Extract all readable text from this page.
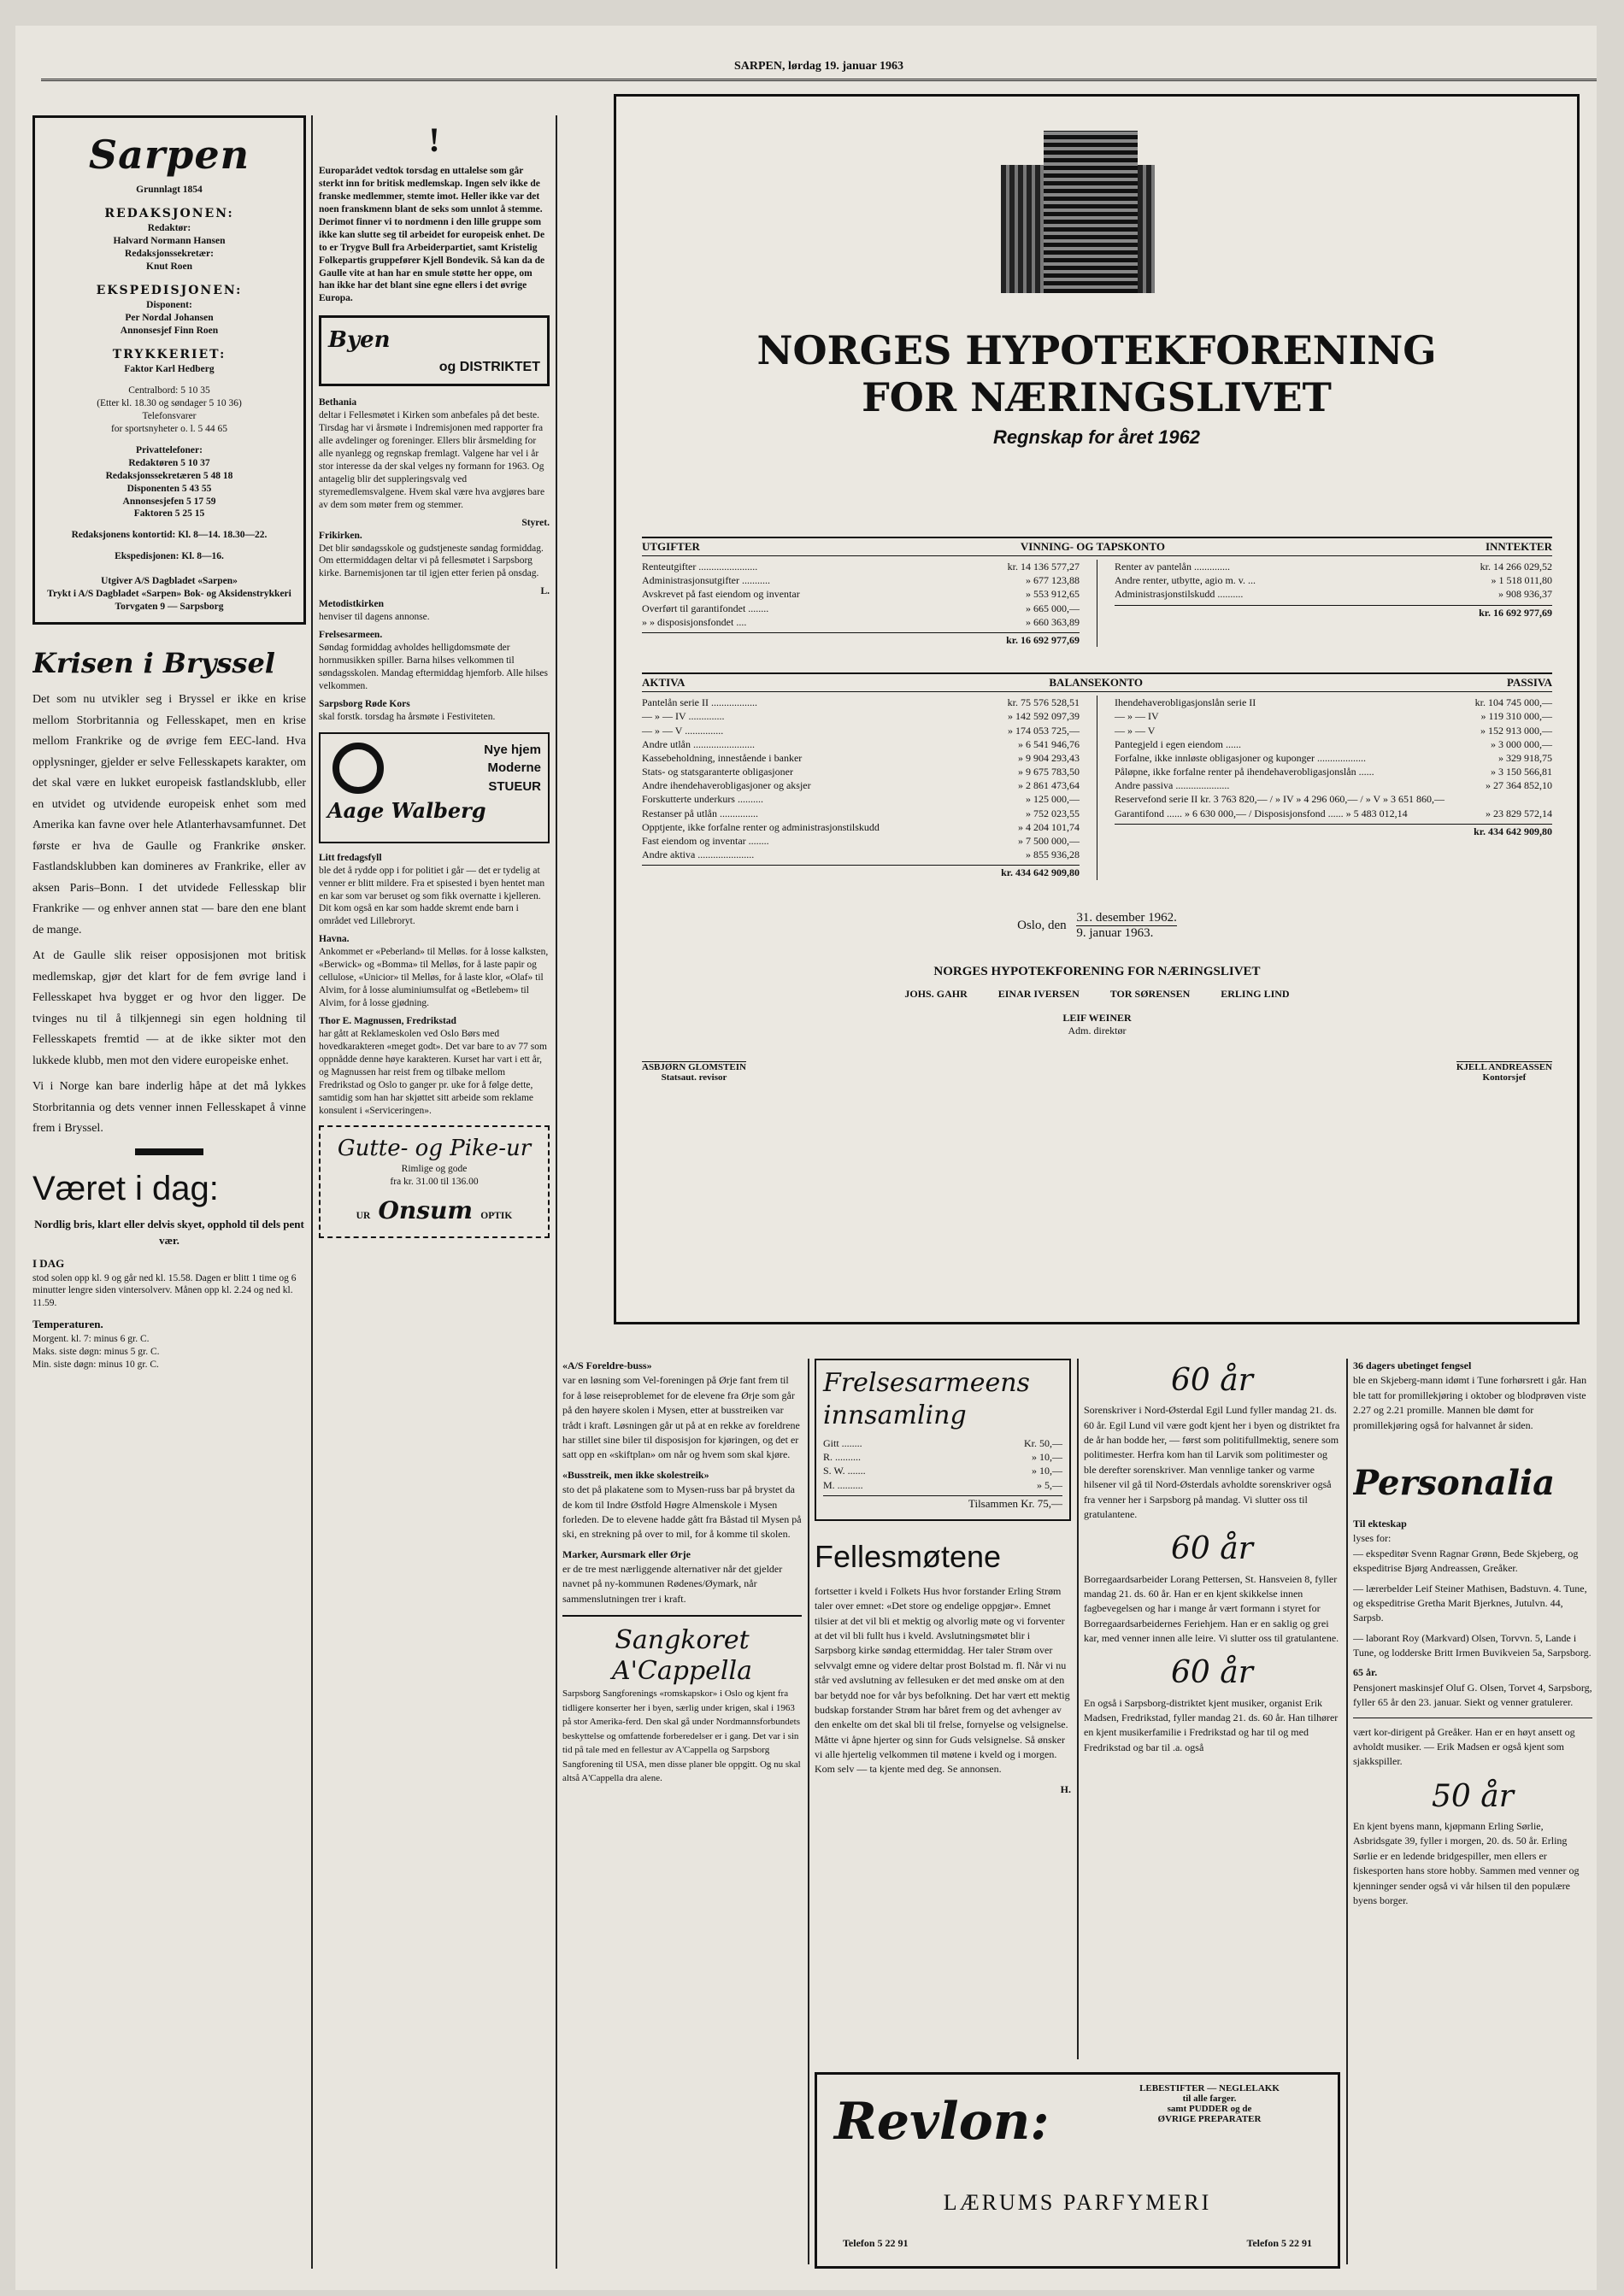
SARPEN, lørdag 19. januar 1963
Sarpen
Grunnlagt 1854
REDAKSJONEN:
Redaktør:
Halvard Normann Hansen
Redaksjonssekretær:
Knut Roen
EKSPEDISJONEN:
Disponent:
Per Nordal Johansen
Annonsesjef Finn Roen
TRYKKERIET:
Faktor Karl Hedberg
Centralbord: 5 10 35
(Etter kl. 18.30 og søndager 5 10 36)
Telefonsvarer
for sportsnyheter o. l. 5 44 65
Privattelefoner:
Redaktøren 5 10 37
Redaksjonssekretæren 5 48 18
Disponenten 5 43 55
Annonsesjefen 5 17 59
Faktoren 5 25 15
Redaksjonens kontortid: Kl. 8—14. 18.30—22.
Ekspedisjonen: Kl. 8—16.
Utgiver A/S Dagbladet «Sarpen»
Trykt i A/S Dagbladet «Sarpen» Bok- og Aksidenstrykkeri
Torvgaten 9 — Sarpsborg
Krisen i Bryssel

Det som nu utvikler seg i Bryssel er ikke en krise mellom Storbritannia og Fellesskapet, men en krise mellom Frankrike og de øvrige fem EEC-land. Hva opplysninger, gjelder er selve Fellesskapets karakter, om det skal være en lukket europeisk fastlandsklubb, eller en utvidet og utvidende europeisk enhet som med Amerika kan favne over hele Atlanterhavsamfunnet. Det første er hva de Gaulle og Frankrike ønsker. Fastlandsklubben kan domineres av Frankrike, eller av aksen Paris–Bonn. I det utvidede Fellesskap blir Frankrike — og enhver annen stat — bare den ene blant de mange.

At de Gaulle slik reiser opposisjonen mot britisk medlemskap, gjør det klart for de fem øvrige land i Fellesskapet hva bygget er og hvor den ligger. De tvinges nu til å tilkjennegi sin egen holdning til Fellesskapets fremtid — at de ikke sikter mot den lukkede klubb, men mot den videre europeiske enhet.

Vi i Norge kan bare inderlig håpe at det må lykkes Storbritannia og dets venner innen Fellesskapet å vinne frem i Bryssel.

Været i dag:
Nordlig bris, klart eller delvis skyet, opphold til dels pent vær.
I DAG
stod solen opp kl. 9 og går ned kl. 15.58. Dagen er blitt 1 time og 6 minutter lengre siden vintersolverv. Månen opp kl. 2.24 og ned kl. 11.59.
Temperaturen.
Morgent. kl. 7: minus 6 gr. C.
Maks. siste døgn: minus 5 gr. C.
Min. siste døgn: minus 10 gr. C.
!

Europarådet vedtok torsdag en uttalelse som går sterkt inn for britisk medlemskap. Ingen selv ikke de franske medlemmer, stemte imot. Heller ikke var det noen franskmenn blant de seks som unnlot å stemme. Derimot finner vi to nordmenn i den lille gruppe som ikke kan slutte seg til arbeidet for europeisk enhet. De to er Trygve Bull fra Arbeiderpartiet, samt Kristelig Folkepartis gruppefører Kjell Bondevik. Så kan da de Gaulle vite at han har en smule støtte her oppe, om han ikke har det blant sine egne ellers i det øvrige Europa.

Byen
og DISTRIKTET
Bethania

deltar i Fellesmøtet i Kirken som anbefales på det beste. Tirsdag har vi årsmøte i Indremisjonen med rapporter fra alle avdelinger og foreninger. Ellers blir årsmelding for alle nyanlegg og regnskap fremlagt. Valgene har vel i år stor interesse da der skal velges ny formann for 1963. Og antagelig blir det suppleringsvalg ved styremedlemsvalgene. Hvem skal være hva avgjøres bare av dem som møter frem og stemmer.

Styret.
Frikirken.

Det blir søndagsskole og gudstjeneste søndag formiddag. Om ettermiddagen deltar vi på fellesmøtet i Sarpsborg kirke. Barnemisjonen tar til igjen etter ferien på onsdag.

L.
Metodistkirken

henviser til dagens annonse.

Frelsesarmeen.

Søndag formiddag avholdes helligdomsmøte der hornmusikken spiller. Barna hilses velkommen til søndagsskolen. Mandag eftermiddag hjemforb. Alle hilses velkommen.

Sarpsborg Røde Kors

skal forstk. torsdag ha årsmøte i Festiviteten.

Nye hjem
Moderne
STUEUR
Aage Walberg
Litt fredagsfyll

ble det å rydde opp i for politiet i går — det er tydelig at venner er blitt mildere. Fra et spisested i byen hentet man en kar som var beruset og som fikk overnatte i kjelleren. Dit kom også en kar som hadde skremt ende barn i området ved Lillebroryt.

Havna.

Ankommet er «Peberland» til Melløs. for å losse kalksten, «Berwick» og «Bomma» til Melløs, for å laste papir og cellulose, «Unicior» til Melløs, for å laste klor, «Olaf» til Alvim, for å losse aluminiumsulfat og «Betlebem» til Alvim, for å losse gjødning.

Thor E. Magnussen, Fredrikstad

har gått at Reklameskolen ved Oslo Børs med hovedkarakteren «meget godt». Det var bare to av 77 som oppnådde denne høye karakteren. Kurset har vart i ett år, og Magnussen har reist frem og tilbake mellom Fredrikstad og Oslo to ganger pr. uke for å følge dette, samtidig som han har skjøttet sitt arbeide som reklame konsulent i «Serviceringen».

Gutte- og Pike-ur
Rimlige og gode
fra kr. 31.00 til 136.00
UR Onsum OPTIK
NORGES HYPOTEKFORENING
FOR NÆRINGSLIVET
Regnskap for året 1962
UTGIFTER	VINNING- OG TAPSKONTO	INNTEKTER
Renteutgifter .......................	kr. 14 136 577,27
Administrasjonsutgifter ...........	» 677 123,88
Avskrevet på fast eiendom og inventar	» 553 912,65
Overført til garantifondet ........	» 665 000,—
» » disposisjonsfondet ....	» 660 363,89
kr. 16 692 977,69
Renter av pantelån ..............	kr. 14 266 029,52
Andre renter, utbytte, agio m. v. ...	» 1 518 011,80
Administrasjonstilskudd ..........	» 908 936,37
kr. 16 692 977,69
AKTIVA	BALANSEKONTO	PASSIVA
Pantelån serie II ..................	kr. 75 576 528,51
— » — IV ..............	» 142 592 097,39
— » — V ...............	» 174 053 725,—
Andre utlån ........................	» 6 541 946,76
Kassebeholdning, innestående i banker	» 9 904 293,43
Stats- og statsgaranterte obligasjoner	» 9 675 783,50
Andre ihendehaverobligasjoner og aksjer	» 2 861 473,64
Forskutterte underkurs ..........	» 125 000,—
Restanser på utlån ...............	» 752 023,55
Opptjente, ikke forfalne renter og administrasjonstilskudd	» 4 204 101,74
Fast eiendom og inventar ........	» 7 500 000,—
Andre aktiva ......................	» 855 936,28
kr. 434 642 909,80
Ihendehaverobligasjonslån serie II	kr. 104 745 000,—
— » — IV	» 119 310 000,—
— » — V	» 152 913 000,—
Pantegjeld i egen eiendom ......	» 3 000 000,—
Forfalne, ikke innløste obligasjoner og kuponger ...................	» 329 918,75
Påløpne, ikke forfalne renter på ihendehaverobligasjonslån ......	» 3 150 566,81
Andre passiva .....................	» 27 364 852,10
Reservefond serie II kr. 3 763 820,— / » IV » 4 296 060,— / » V » 3 651 860,—
Garantifond ...... » 6 630 000,— / Disposisjonsfond ...... » 5 483 012,14	» 23 829 572,14
kr. 434 642 909,80
Oslo, den
31. desember 1962.
9. januar 1963.
NORGES HYPOTEKFORENING FOR NÆRINGSLIVET
JOHS. GAHR	EINAR IVERSEN	TOR SØRENSEN	ERLING LIND
LEIF WEINER
Adm. direktør
ASBJØRN GLOMSTEIN
Statsaut. revisor
KJELL ANDREASSEN
Kontorsjef
«A/S Foreldre-buss»

var en løsning som Vel-foreningen på Ørje fant frem til for å løse reiseproblemet for de elevene fra Ørje som går på den høyere skolen i Mysen, etter at busstreiken var trådt i kraft. Løsningen går ut på at en rekke av foreldrene har stillet sine biler til disposisjon for kjøringen, og det er satt opp en «skiftplan» om når og hvem som skal kjøre.

«Busstreik, men ikke skolestreik»

sto det på plakatene som to Mysen-russ bar på brystet da de kom til Indre Østfold Høgre Almenskole i Mysen forleden. De to elevene hadde gått fra Båstad til Mysen på ski, en strekning på over to mil, for å komme til skolen.

Marker, Aursmark eller Ørje

er de tre mest nærliggende alternativer når det gjelder navnet på ny-kommunen Rødenes/Øymark, når sammenslutningen trer i kraft.

Sangkoret A'Cappella

Sarpsborg Sangforenings «romskapskor» i Oslo og kjent fra tidligere konserter her i byen, særlig under krigen, skal i 1963 på stor Amerika-ferd. Den skal gå under Nordmannsforbundets beskyttelse og omfattende forberedelser er i gang. Det var i sin tid på tale med en fellestur av A'Cappella og Sarpsborg Sangforening til USA, men disse planer ble oppgitt. Og nu skal altså A'Cappella dra alene.

Frelsesarmeens innsamling
Gitt ........	Kr. 50,—
R. ..........	» 10,—
S. W. .......	» 10,—
M. ..........	» 5,—
Tilsammen Kr. 75,—
Fellesmøtene

fortsetter i kveld i Folkets Hus hvor forstander Erling Strøm taler over emnet: «Det store og endelige oppgjør». Emnet tilsier at det vil bli et mektig og alvorlig møte og vi forventer at det vil bli fullt hus i kveld. Avslutningsmøtet blir i Sarpsborg kirke søndag ettermiddag. Her taler Strøm over selvvalgt emne og videre deltar prost Bolstad m. fl. Når vi nu står ved avslutning av fellesuken er det med ønske om at den bar betydd noe for vår bys befolkning. Det har vært ett mektig budskap forstander Strøm har båret frem og det avhenger av den enkelte om det skal bli til frelse, fornyelse og velsignelse. Måtte vi åpne hjerter og sinn for Guds velsignelse. Så ønsker vi alle hjertelig velkommen til møtene i kveld og i morgen. Kom selv — ta kjente med deg. Se annonsen.

H.
60 år

Sorenskriver i Nord-Østerdal Egil Lund fyller mandag 21. ds. 60 år. Egil Lund vil være godt kjent her i byen og distriktet fra de år han bodde her, — først som politifullmektig, senere som politimester. Herfra kom han til Larvik som politimester og ble derefter sorenskriver. Man vennlige tanker og varme hilsener vil gå til Nord-Østerdals avholdte sorenskriver også fra venner her i Sarpsborg på mandag. Vi slutter oss til gratulantene.

60 år

Borregaardsarbeider Lorang Pettersen, St. Hansveien 8, fyller mandag 21. ds. 60 år. Han er en kjent skikkelse innen fagbevegelsen og har i mange år vært formann i styret for Borregaardsarbeidernes Feriehjem. Han er en saklig og grei kar, med venner innen alle leire. Vi slutter oss til gratulantene.

60 år

En også i Sarpsborg-distriktet kjent musiker, organist Erik Madsen, Fredrikstad, fyller mandag 21. ds. 60 år. Han tilhører en kjent musikerfamilie i Fredrikstad og har til og med Fredrikstad og bar til .a. også

36 dagers ubetinget fengsel

ble en Skjeberg-mann idømt i Tune forhørsrett i går. Han ble tatt for promillekjøring i oktober og blodprøven viste 2.27 og 2.21 promille. Mannen ble dømt for promillekjøring også for halvannet år siden.

Personalia
Til ekteskap
lyses for:

— ekspeditør Svenn Ragnar Grønn, Bede Skjeberg, og ekspeditrise Bjørg Andreassen, Greåker.

— lærerbelder Leif Steiner Mathisen, Badstuvn. 4. Tune, og ekspeditrise Gretha Marit Bjerknes, Jutulvn. 44, Sarpsb.

— laborant Roy (Markvard) Olsen, Torvvn. 5, Lande i Tune, og lodderske Britt Irmen Buvikveien 5a, Sarpsborg.

65 år.

Pensjonert maskinsjef Oluf G. Olsen, Torvet 4, Sarpsborg, fyller 65 år den 23. januar. Siekt og venner gratulerer.

vært kor-dirigent på Greåker. Han er en høyt ansett og avholdt musiker. — Erik Madsen er også kjent som sjakkspiller.

50 år

En kjent byens mann, kjøpmann Erling Sørlie, Asbridsgate 39, fyller i morgen, 20. ds. 50 år. Erling Sørlie er en ledende bridgespiller, men ellers er fiskesporten hans store hobby. Sammen med venner og kjenninger sender også vi vår hilsen til den populære byens borger.

LEBESTIFTER — NEGLELAKK
til alle farger.
samt PUDDER og de
ØVRIGE PREPARATER
Revlon:
LÆRUMS PARFYMERI
Telefon 5 22 91	Telefon 5 22 91
